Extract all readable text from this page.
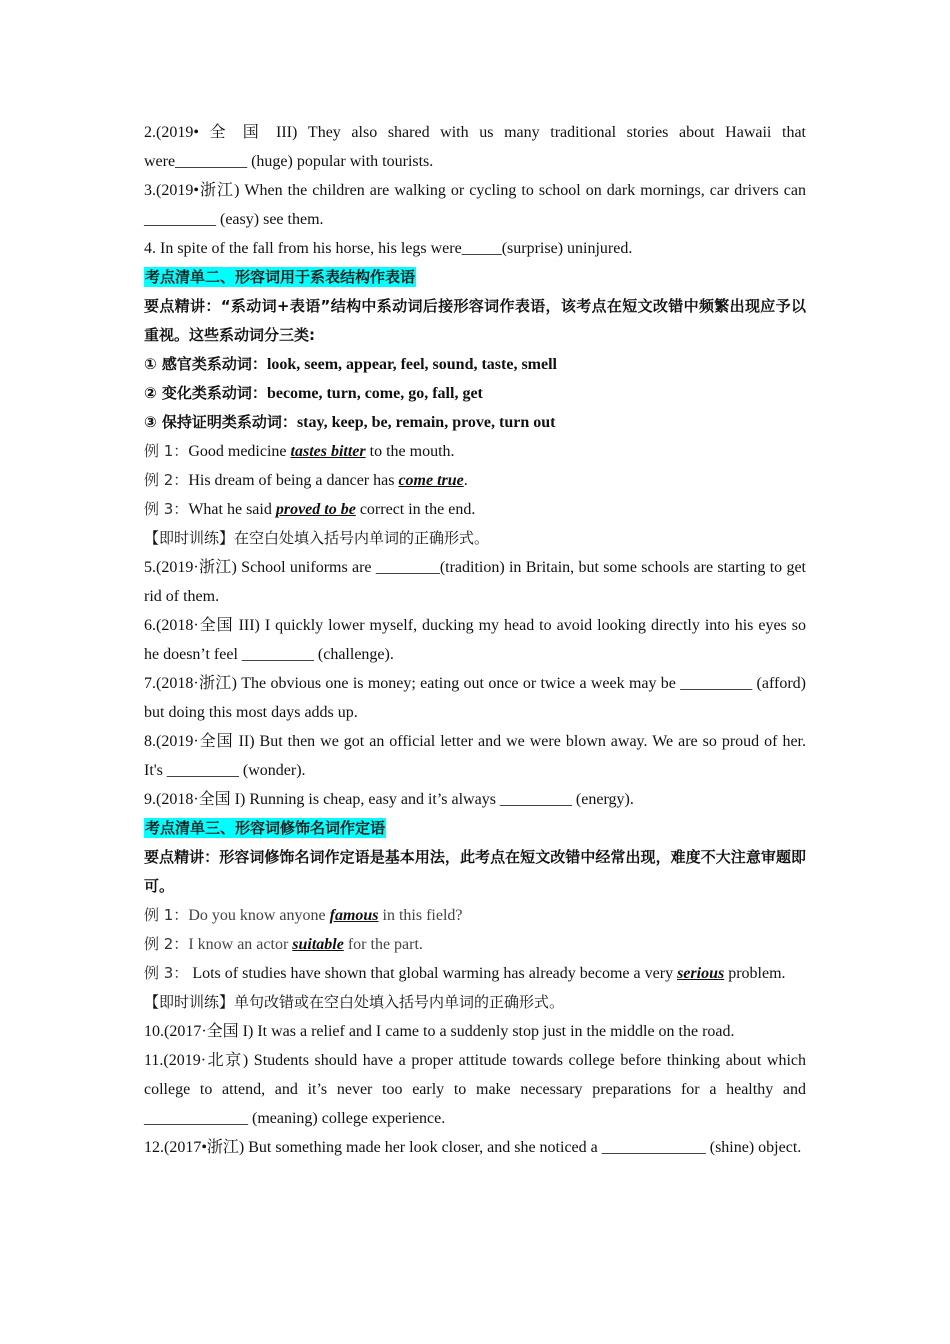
2.(2019• 全 国 III) They also shared with us many traditional stories about Hawaii that were_________ (huge) popular with tourists.

3.(2019•浙江) When the children are walking or cycling to school on dark mornings, car drivers can _________ (easy) see them.

4. In spite of the fall from his horse, his legs were_____(surprise) uninjured.

考点清单二、形容词用于系表结构作表语

要点精讲：“系动词+表语”结构中系动词后接形容词作表语，该考点在短文改错中频繁出现应予以重视。这些系动词分三类:

① 感官类系动词：look, seem, appear, feel, sound, taste, smell

② 变化类系动词：become, turn, come, go, fall, get

③ 保持证明类系动词：stay, keep, be, remain, prove, turn out

例 1：Good medicine tastes bitter to the mouth.

例 2：His dream of being a dancer has come true.

例 3：What he said proved to be correct in the end.

【即时训练】在空白处填入括号内单词的正确形式。

5.(2019·浙江) School uniforms are ________(tradition) in Britain, but some schools are starting to get rid of them.

6.(2018·全国 III) I quickly lower myself, ducking my head to avoid looking directly into his eyes so he doesn’t feel _________ (challenge).

7.(2018·浙江) The obvious one is money; eating out once or twice a week may be _________ (afford) but doing this most days adds up.

8.(2019·全国 II) But then we got an official letter and we were blown away. We are so proud of her. It's _________ (wonder).

9.(2018·全国 I) Running is cheap, easy and it’s always _________ (energy).

考点清单三、形容词修饰名词作定语

要点精讲：形容词修饰名词作定语是基本用法，此考点在短文改错中经常出现，难度不大注意审题即可。

例 1：Do you know anyone famous in this field?

例 2：I know an actor suitable for the part.

例 3： Lots of studies have shown that global warming has already become a very serious problem.

【即时训练】单句改错或在空白处填入括号内单词的正确形式。

10.(2017·全国 I) It was a relief and I came to a suddenly stop just in the middle on the road.

11.(2019·北京) Students should have a proper attitude towards college before thinking about which college to attend, and it’s never too early to make necessary preparations for a healthy and _____________ (meaning) college experience.

12.(2017•浙江) But something made her look closer, and she noticed a _____________ (shine) object.
